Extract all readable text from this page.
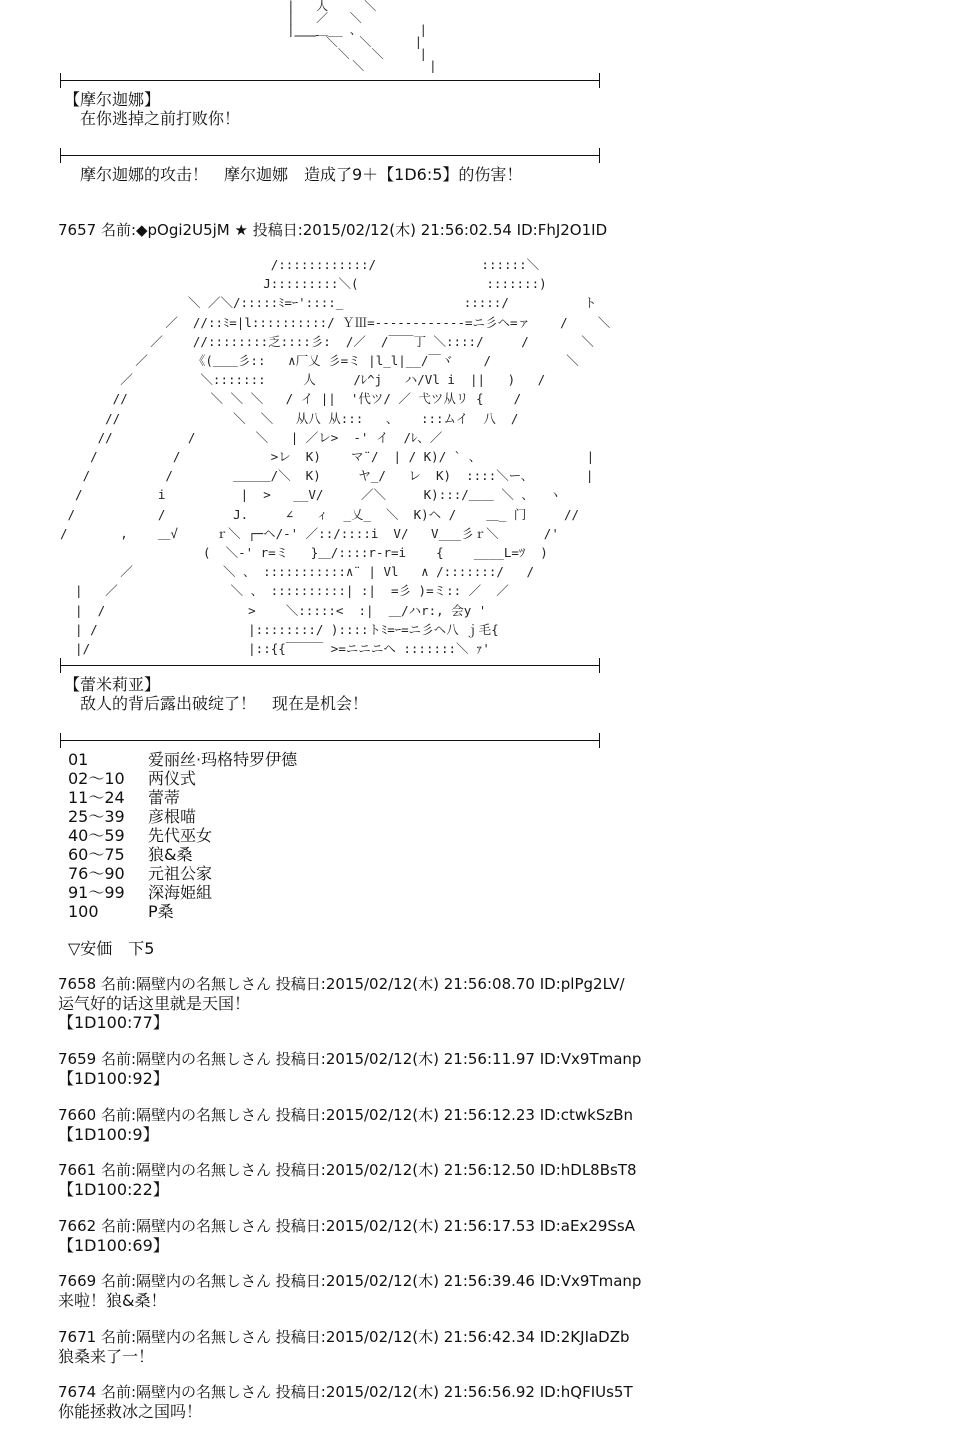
|   人     ＼
|   ／   ＼
|___＿__ 、        |
￣￣ ＼   ＼      |
＼   ＼     |
＼         |
【摩尔迦娜】
在你逃掉之前打败你！
摩尔迦娜的攻击！　摩尔迦娜　造成了9＋【1D6:5】的伤害！
7657 名前:◆pOgi2U5jM ★ 投稿日:2015/02/12(木) 21:56:02.54 ID:FhJ2O1ID
/::::::::::::/              ::::::＼
J:::::::::＼(                 :::::::)
＼ ／＼/:::::ﾐ=ｰ'::::_                :::::/          ト
／  //::ﾐ=|l::::::::::/ ＹⅢ=------------=ニ彡ヘ=ァ    /    ＼
／    //::::::::乏::::彡:  /／  /￣￣丁 ＼::::/     /       ＼
／      《(＿＿彡::   ∧厂乂 彡=ミ |l_l|__/￣ヾ    /          ＼
／         ＼:::::::     人     /ﾚ^j   ハ/Vl i  ||   )   /
//           ＼ ＼ ＼   / イ ||  '代ツ/ ／ 弋ツ从リ {    /
//               ＼  ＼   从八 从:::   、   :::ムイ  八  /
//          /        ＼   | ／レ>  -' イ  /ﾚ、／
/          /            >レ  K)    マ¨/  | / K)/ ` 、              |
/          /        ＿＿＿/＼  K)     ヤ_/   レ  K)  ::::＼ー、       |
/          i          |  >   __V/     ／＼     K):::/＿＿ ＼ 、  ヽ
/           /         J.     ∠   ィ  _乂_  ＼  K)ヘ /    ＿_ 门     //
/       ,    ＿√     ｒ＼ ┌─ヘ/-' ／::/::::i  V/   V___彡ｒ＼      /'
(  ＼-' r=ミ   }＿/::::r‐r=i    {    ____L=ﾂ  )
／            ＼ 、 :::::::::::∧¨ | Vl   ∧ /:::::::/   /
|   ／               ＼ 、 ::::::::::| :|  =彡 )=ミ:: ／  ／
|  /                   >    ＼:::::<  :|  ＿/ハr:, 会y '
| /                    |::::::::/ )::::トﾐ=ｰ=ニ彡ヘ八 ｊ毛{
|/                     |::{{￣￣￣ >=ニニニへ :::::::＼ ｧ'
【蕾米莉亚】
敌人的背后露出破绽了！　现在是机会！
01	爱丽丝·玛格特罗伊德
02～10	两仪式
11～24	蕾蒂
25～39	彦根喵
40～59	先代巫女
60～75	狼&桑
76～90	元祖公家
91～99	深海姫組
100	P桑
▽安価　下5
7658 名前:隔壁内の名無しさん 投稿日:2015/02/12(木) 21:56:08.70 ID:plPg2LV/
运气好的话这里就是天国！
【1D100:77】
7659 名前:隔壁内の名無しさん 投稿日:2015/02/12(木) 21:56:11.97 ID:Vx9Tmanp
【1D100:92】
7660 名前:隔壁内の名無しさん 投稿日:2015/02/12(木) 21:56:12.23 ID:ctwkSzBn
【1D100:9】
7661 名前:隔壁内の名無しさん 投稿日:2015/02/12(木) 21:56:12.50 ID:hDL8BsT8
【1D100:22】
7662 名前:隔壁内の名無しさん 投稿日:2015/02/12(木) 21:56:17.53 ID:aEx29SsA
【1D100:69】
7669 名前:隔壁内の名無しさん 投稿日:2015/02/12(木) 21:56:39.46 ID:Vx9Tmanp
来啦！狼&桑！
7671 名前:隔壁内の名無しさん 投稿日:2015/02/12(木) 21:56:42.34 ID:2KJIaDZb
狼桑来了一！
7674 名前:隔壁内の名無しさん 投稿日:2015/02/12(木) 21:56:56.92 ID:hQFIUs5T
你能拯救冰之国吗！
